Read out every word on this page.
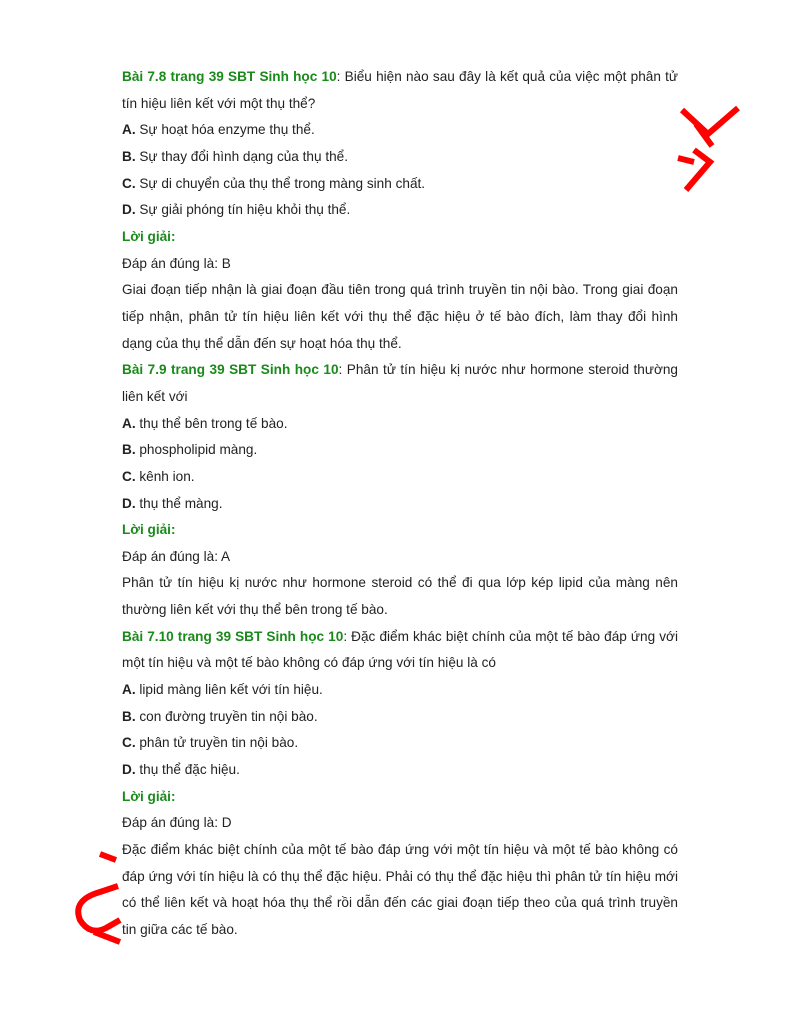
Bài 7.8 trang 39 SBT Sinh học 10: Biểu hiện nào sau đây là kết quả của việc một phân tử tín hiệu liên kết với một thụ thể?
A. Sự hoạt hóa enzyme thụ thể.
B. Sự thay đổi hình dạng của thụ thể.
C. Sự di chuyển của thụ thể trong màng sinh chất.
D. Sự giải phóng tín hiệu khỏi thụ thể.
Lời giải:
Đáp án đúng là: B
Giai đoạn tiếp nhận là giai đoạn đầu tiên trong quá trình truyền tin nội bào. Trong giai đoạn tiếp nhận, phân tử tín hiệu liên kết với thụ thể đặc hiệu ở tế bào đích, làm thay đổi hình dạng của thụ thể dẫn đến sự hoạt hóa thụ thể.
Bài 7.9 trang 39 SBT Sinh học 10: Phân tử tín hiệu kị nước như hormone steroid thường liên kết với
A. thụ thể bên trong tế bào.
B. phospholipid màng.
C. kênh ion.
D. thụ thể màng.
Lời giải:
Đáp án đúng là: A
Phân tử tín hiệu kị nước như hormone steroid có thể đi qua lớp kép lipid của màng nên thường liên kết với thụ thể bên trong tế bào.
Bài 7.10 trang 39 SBT Sinh học 10: Đặc điểm khác biệt chính của một tế bào đáp ứng với một tín hiệu và một tế bào không có đáp ứng với tín hiệu là có
A. lipid màng liên kết với tín hiệu.
B. con đường truyền tin nội bào.
C. phân tử truyền tin nội bào.
D. thụ thể đặc hiệu.
Lời giải:
Đáp án đúng là: D
Đặc điểm khác biệt chính của một tế bào đáp ứng với một tín hiệu và một tế bào không có đáp ứng với tín hiệu là có thụ thể đặc hiệu. Phải có thụ thể đặc hiệu thì phân tử tín hiệu mới có thể liên kết và hoạt hóa thụ thể rồi dẫn đến các giai đoạn tiếp theo của quá trình truyền tin giữa các tế bào.
